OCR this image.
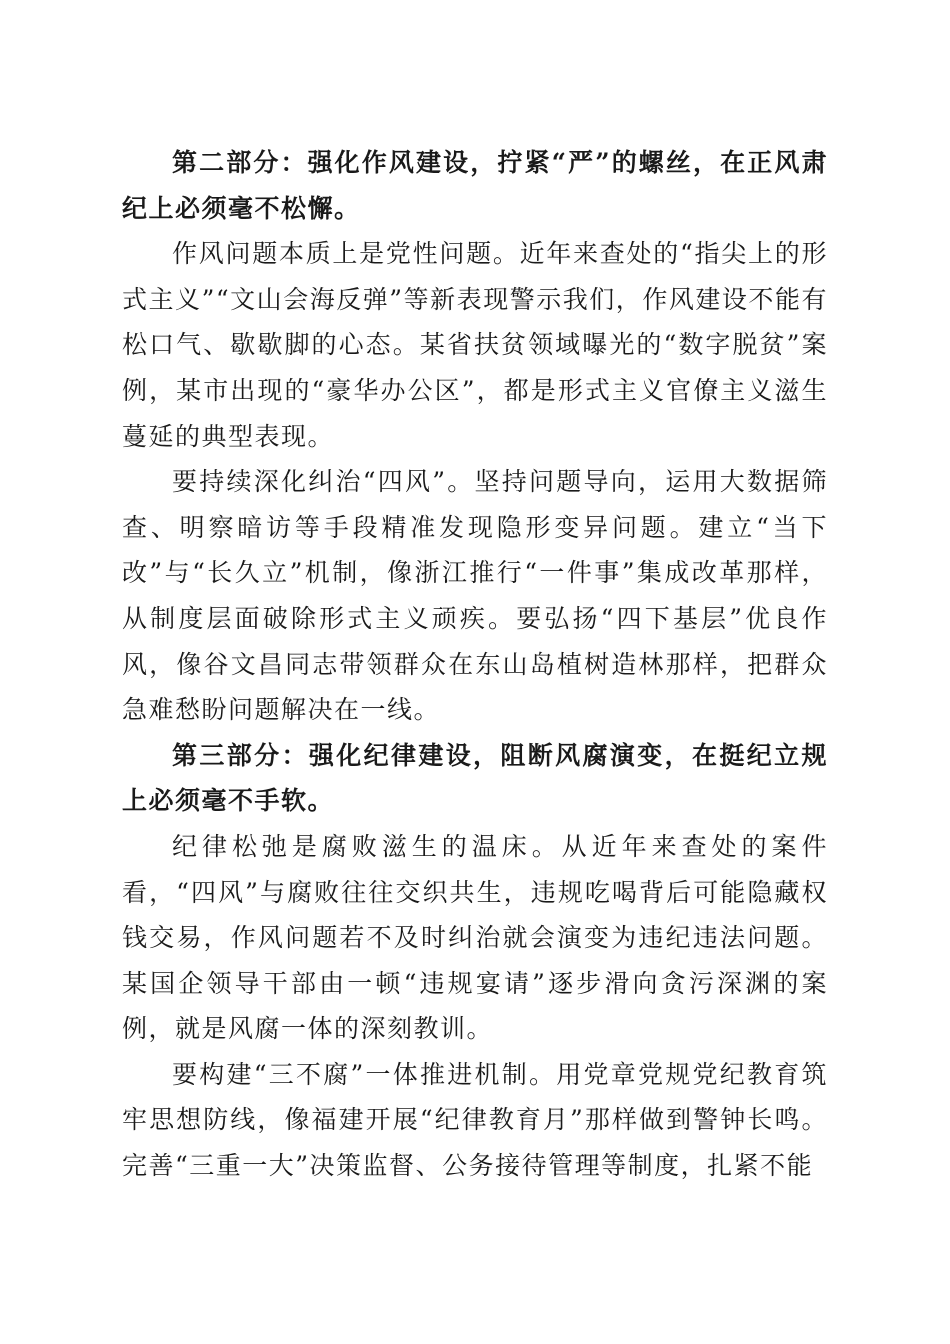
第二部分：强化作风建设，拧紧“严”的螺丝，在正风肃纪上必须毫不松懈。

作风问题本质上是党性问题。近年来查处的“指尖上的形式主义”“文山会海反弹”等新表现警示我们，作风建设不能有松口气、歇歇脚的心态。某省扶贫领域曝光的“数字脱贫”案例，某市出现的“豪华办公区”，都是形式主义官僚主义滋生蔓延的典型表现。

要持续深化纠治“四风”。坚持问题导向，运用大数据筛查、明察暗访等手段精准发现隐形变异问题。建立“当下改”与“长久立”机制，像浙江推行“一件事”集成改革那样，从制度层面破除形式主义顽疾。要弘扬“四下基层”优良作风，像谷文昌同志带领群众在东山岛植树造林那样，把群众急难愁盼问题解决在一线。

第三部分：强化纪律建设，阻断风腐演变，在挺纪立规上必须毫不手软。

纪律松弛是腐败滋生的温床。从近年来查处的案件看，“四风”与腐败往往交织共生，违规吃喝背后可能隐藏权钱交易，作风问题若不及时纠治就会演变为违纪违法问题。某国企领导干部由一顿“违规宴请”逐步滑向贪污深渊的案例，就是风腐一体的深刻教训。

要构建“三不腐”一体推进机制。用党章党规党纪教育筑牢思想防线，像福建开展“纪律教育月”那样做到警钟长鸣。完善“三重一大”决策监督、公务接待管理等制度，扎紧不能
